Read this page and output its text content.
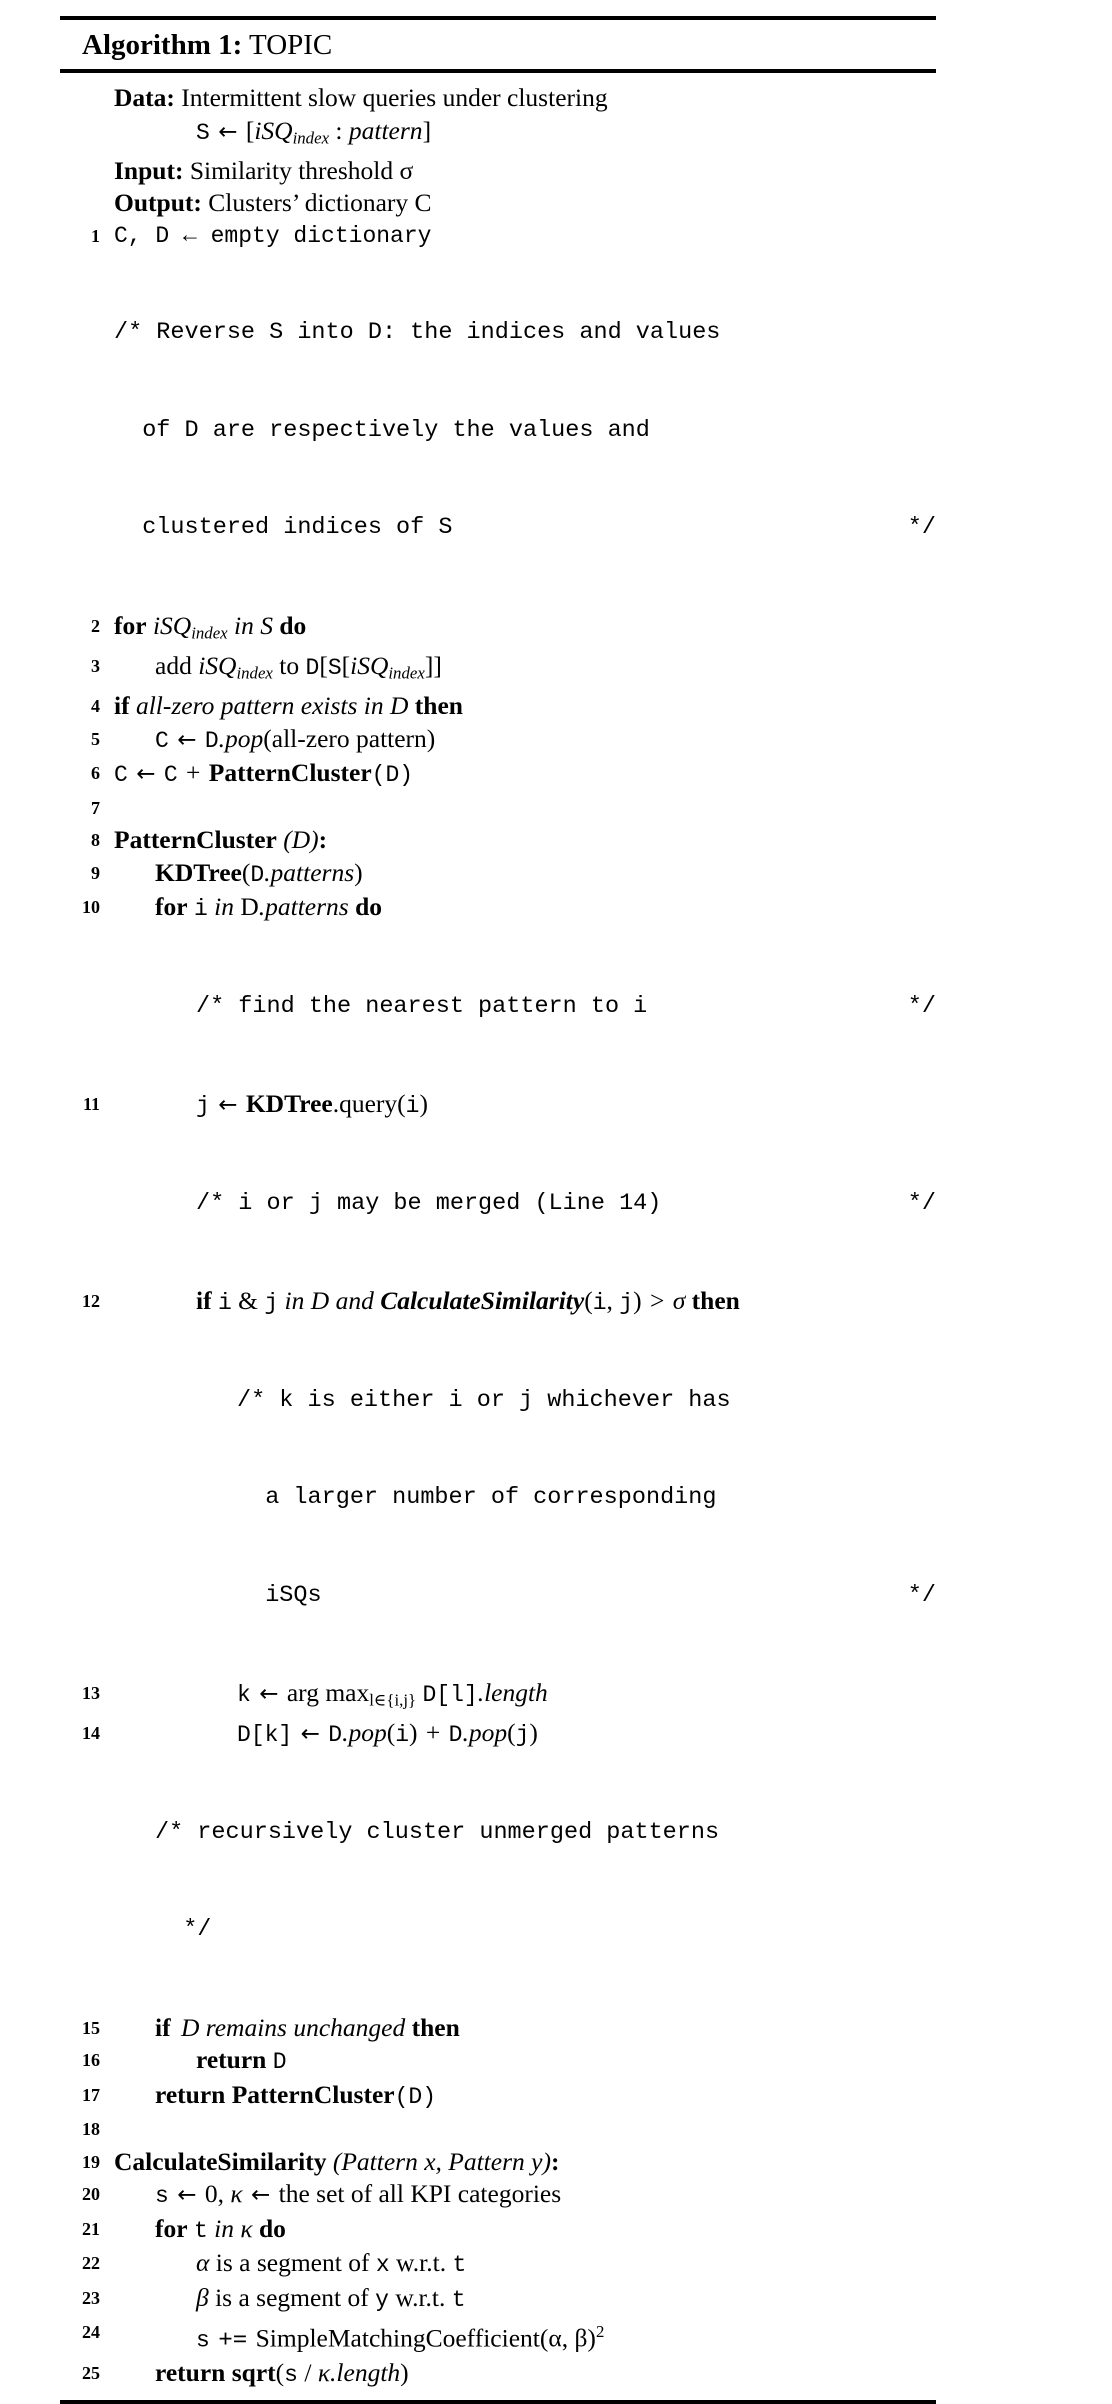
Algorithm 1: TOPIC
Data: Intermittent slow queries under clustering
S ← [iSQ$_{index}$ : pattern]
Input: Similarity threshold σ
Output: Clusters’ dictionary C
1 C, D ← empty dictionary

/* Reverse S into D: the indices and values

of D are respectively the values and

clustered indices of S	*/

2 for iSQ$_{index}$ in S do
3	add iSQ$_{index}$ to D[S[iSQ$_{index}$]]
4 if all-zero pattern exists in D then
5	C ← D.pop(all-zero pattern)
6 C ← C + PatternCluster(D)
7
8 PatternCluster (D):
9	KDTree(D.patterns)
10	for i in D.patterns do

/* find the nearest pattern to i	*/

11	j ← KDTree.query(i)

/* i or j may be merged (Line 14)	*/

12	if i & j in D and CalculateSimilarity(i, j) > σ then

/* k is either i or j whichever has

a larger number of corresponding

iSQs	*/

13	k ← arg $\max_{l\in\{i,j\}}$ D[l].length
14	D[k] ← D.pop(i) + D.pop(j)

/* recursively cluster unmerged patterns

*/

15	if D remains unchanged then
16	return D
17	return PatternCluster(D)
18
19 CalculateSimilarity (Pattern x, Pattern y):
20	s ← 0, κ ← the set of all KPI categories
21	for t in κ do
22	α is a segment of x w.r.t. t
23	β is a segment of y w.r.t. t
24	s += SimpleMatchingCoefficient(α, β)$^2$
25	return sqrt(s / κ.length)
